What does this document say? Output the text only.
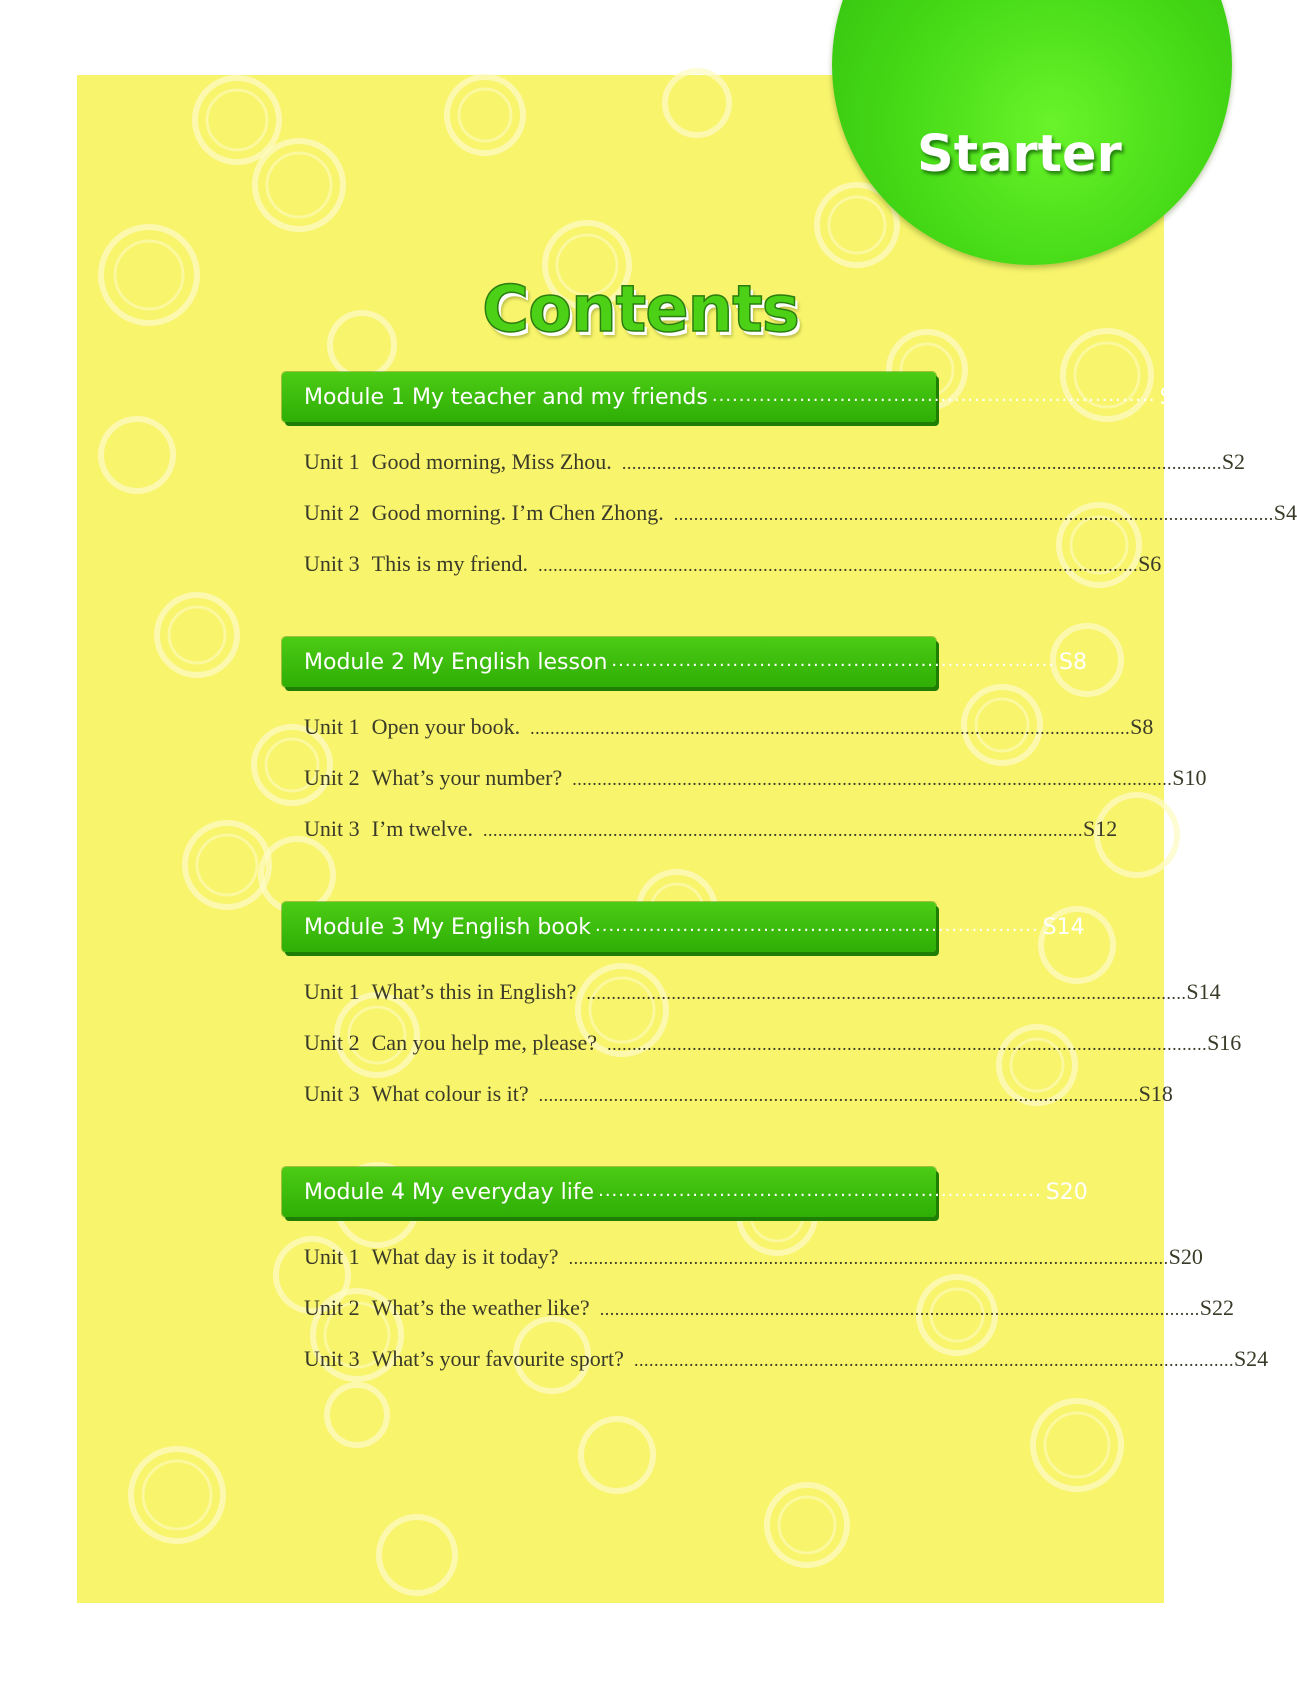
Starter
Contents
Module 1 My teacher and my friends .................................................................. S2
Unit 1 Good morning, Miss Zhou. ........................................................................................................................ S2
Unit 2 Good morning. I’m Chen Zhong. ........................................................................................................................ S4
Unit 3 This is my friend. ........................................................................................................................ S6
Module 2 My English lesson .................................................................. S8
Unit 1 Open your book. ........................................................................................................................ S8
Unit 2 What’s your number? ........................................................................................................................ S10
Unit 3 I’m twelve. ........................................................................................................................ S12
Module 3 My English book .................................................................. S14
Unit 1 What’s this in English? ........................................................................................................................ S14
Unit 2 Can you help me, please? ........................................................................................................................ S16
Unit 3 What colour is it? ........................................................................................................................ S18
Module 4 My everyday life .................................................................. S20
Unit 1 What day is it today? ........................................................................................................................ S20
Unit 2 What’s the weather like? ........................................................................................................................ S22
Unit 3 What’s your favourite sport? ........................................................................................................................ S24
